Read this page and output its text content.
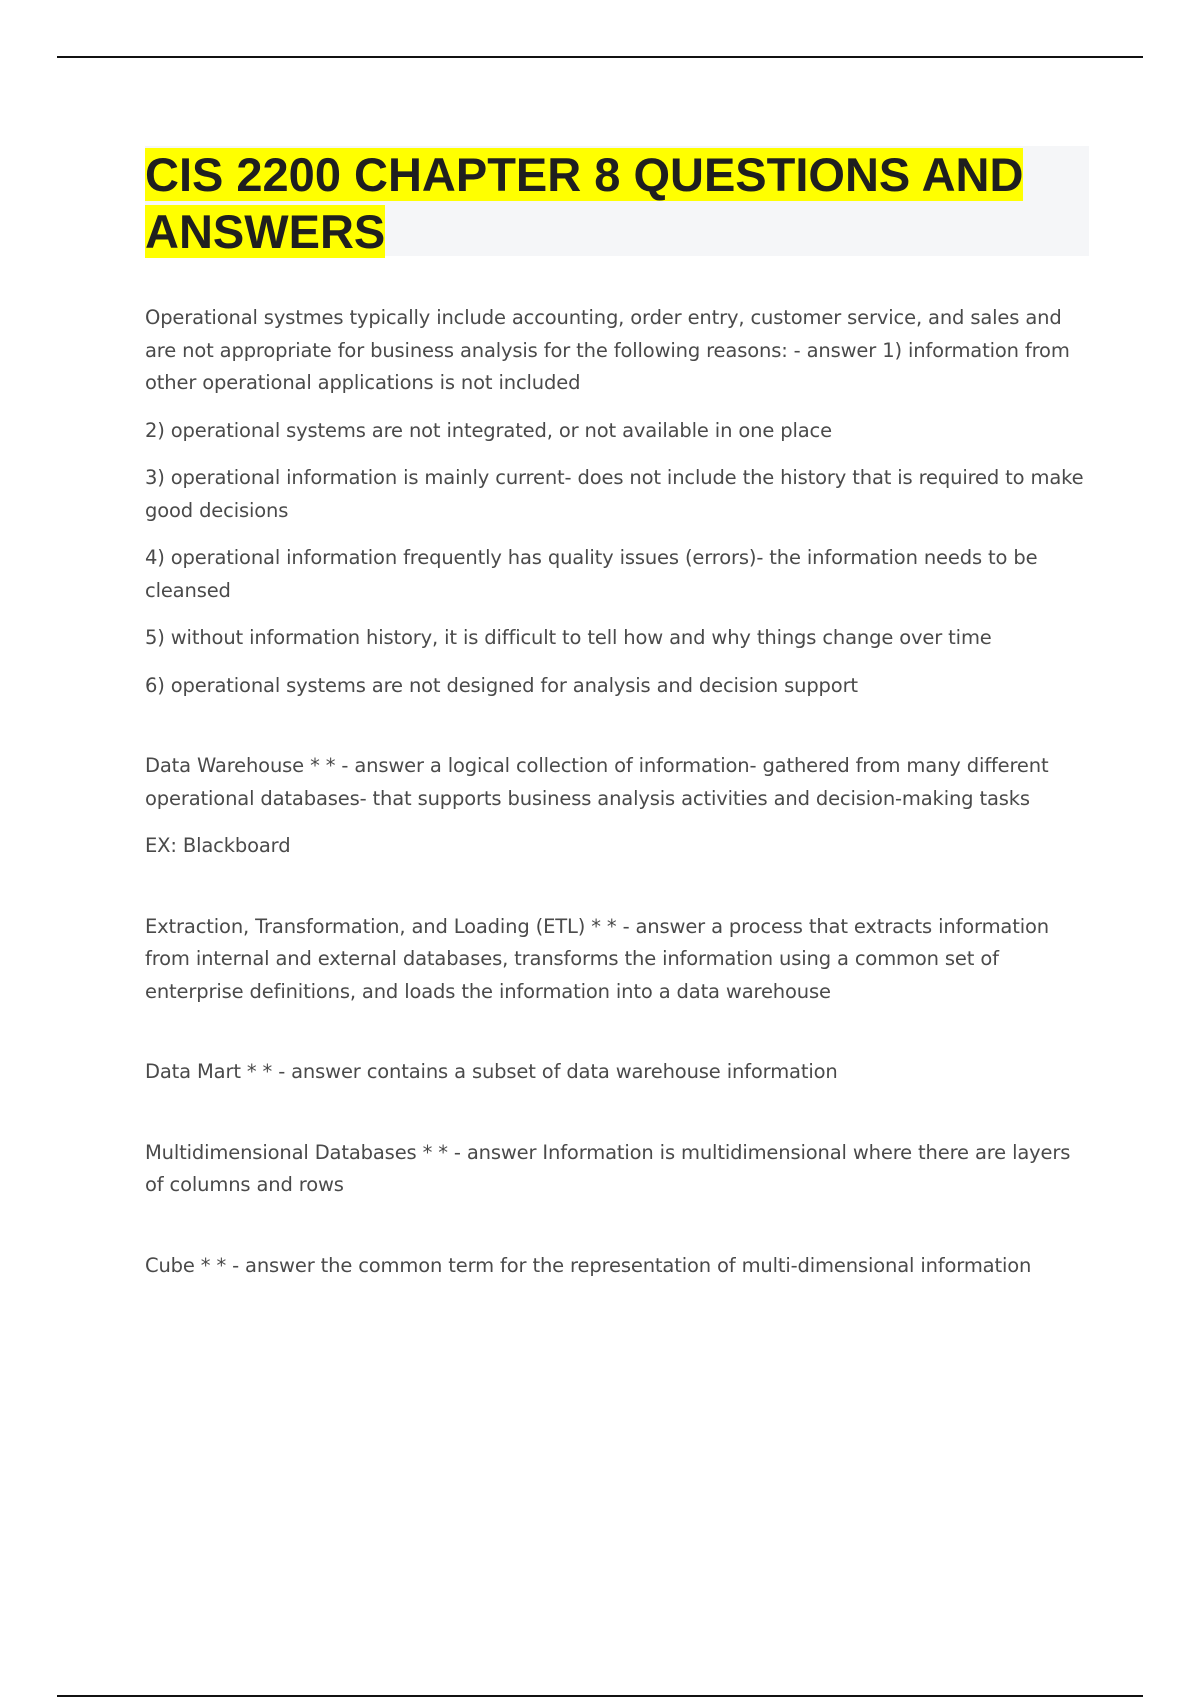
CIS 2200 CHAPTER 8 QUESTIONS AND ANSWERS

Operational systmes typically include accounting, order entry, customer service, and sales and are not appropriate for business analysis for the following reasons: - answer 1) information from other operational applications is not included

2) operational systems are not integrated, or not available in one place

3) operational information is mainly current- does not include the history that is required to make good decisions

4) operational information frequently has quality issues (errors)- the information needs to be cleansed

5) without information history, it is difficult to tell how and why things change over time

6) operational systems are not designed for analysis and decision support

Data Warehouse * * - answer a logical collection of information- gathered from many different operational databases- that supports business analysis activities and decision-making tasks

EX: Blackboard

Extraction, Transformation, and Loading (ETL) * * - answer a process that extracts information from internal and external databases, transforms the information using a common set of enterprise definitions, and loads the information into a data warehouse

Data Mart * * - answer contains a subset of data warehouse information

Multidimensional Databases * * - answer Information is multidimensional where there are layers of columns and rows

Cube * * - answer the common term for the representation of multi-dimensional information
